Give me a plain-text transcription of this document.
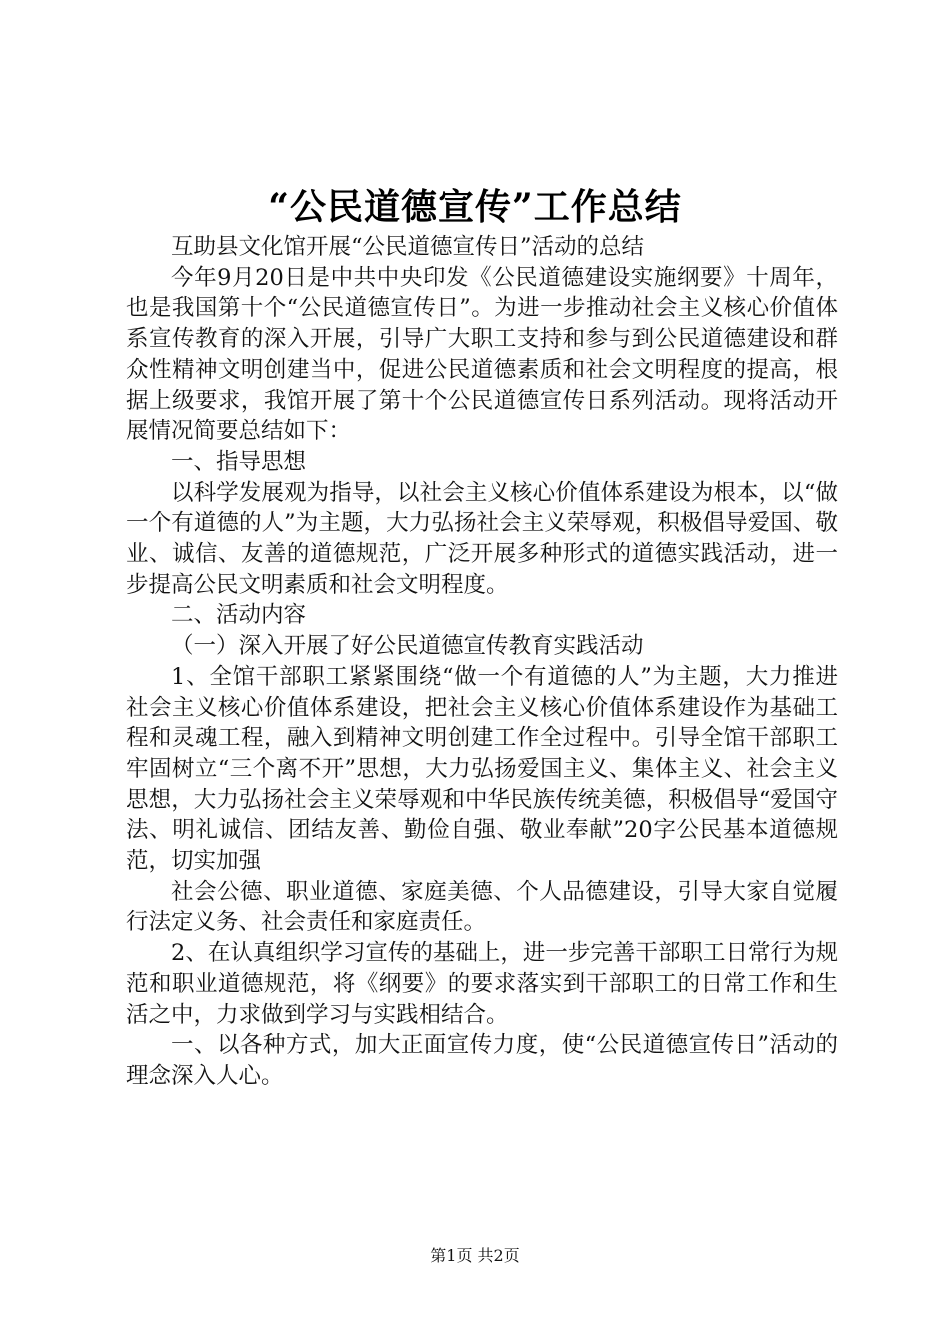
“公民道德宣传”工作总结

互助县文化馆开展“公民道德宣传日”活动的总结

今年9月20日是中共中央印发《公民道德建设实施纲要》十周年，也是我国第十个“公民道德宣传日”。为进一步推动社会主义核心价值体系宣传教育的深入开展，引导广大职工支持和参与到公民道德建设和群众性精神文明创建当中，促进公民道德素质和社会文明程度的提高，根据上级要求，我馆开展了第十个公民道德宣传日系列活动。现将活动开展情况简要总结如下：

一、指导思想

以科学发展观为指导，以社会主义核心价值体系建设为根本，以“做一个有道德的人”为主题，大力弘扬社会主义荣辱观，积极倡导爱国、敬业、诚信、友善的道德规范，广泛开展多种形式的道德实践活动，进一步提高公民文明素质和社会文明程度。

二、活动内容

（一）深入开展了好公民道德宣传教育实践活动

1、全馆干部职工紧紧围绕“做一个有道德的人”为主题，大力推进社会主义核心价值体系建设，把社会主义核心价值体系建设作为基础工程和灵魂工程，融入到精神文明创建工作全过程中。引导全馆干部职工牢固树立“三个离不开”思想，大力弘扬爱国主义、集体主义、社会主义思想，大力弘扬社会主义荣辱观和中华民族传统美德，积极倡导“爱国守法、明礼诚信、团结友善、勤俭自强、敬业奉献”20字公民基本道德规范，切实加强

社会公德、职业道德、家庭美德、个人品德建设，引导大家自觉履行法定义务、社会责任和家庭责任。

2、在认真组织学习宣传的基础上，进一步完善干部职工日常行为规范和职业道德规范，将《纲要》的要求落实到干部职工的日常工作和生活之中，力求做到学习与实践相结合。

一、以各种方式，加大正面宣传力度，使“公民道德宣传日”活动的理念深入人心。

第1页 共2页
